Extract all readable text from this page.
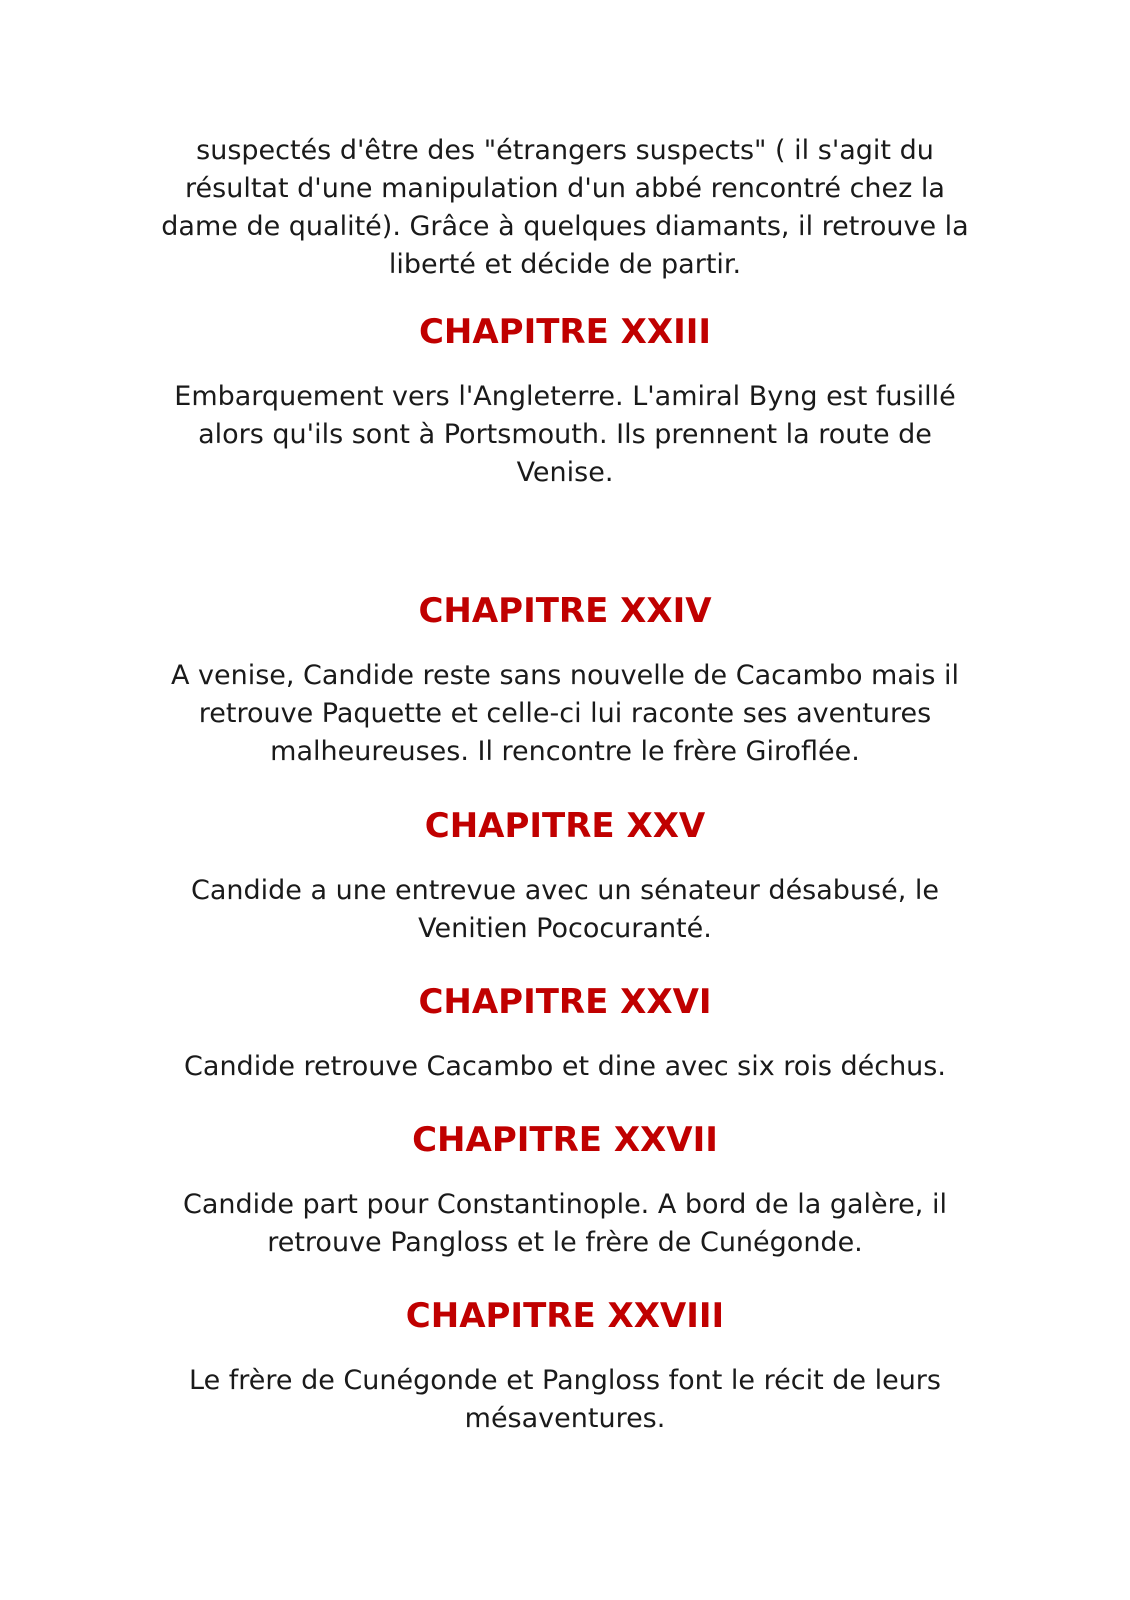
suspectés d'être des "étrangers suspects" ( il s'agit du
résultat d'une manipulation d'un abbé rencontré chez la
dame de qualité). Grâce à quelques diamants, il retrouve la
liberté et décide de partir.
CHAPITRE XXIII
Embarquement vers l'Angleterre. L'amiral Byng est fusillé
alors qu'ils sont à Portsmouth. Ils prennent la route de
Venise.
CHAPITRE XXIV
A venise, Candide reste sans nouvelle de Cacambo mais il
retrouve Paquette et celle-ci lui raconte ses aventures
malheureuses. Il rencontre le frère Giroflée.
CHAPITRE XXV
Candide a une entrevue avec un sénateur désabusé, le
Venitien Pococuranté.
CHAPITRE XXVI
Candide retrouve Cacambo et dine avec six rois déchus.
CHAPITRE XXVII
Candide part pour Constantinople. A bord de la galère, il
retrouve Pangloss et le frère de Cunégonde.
CHAPITRE XXVIII
Le frère de Cunégonde et Pangloss font le récit de leurs
mésaventures.
